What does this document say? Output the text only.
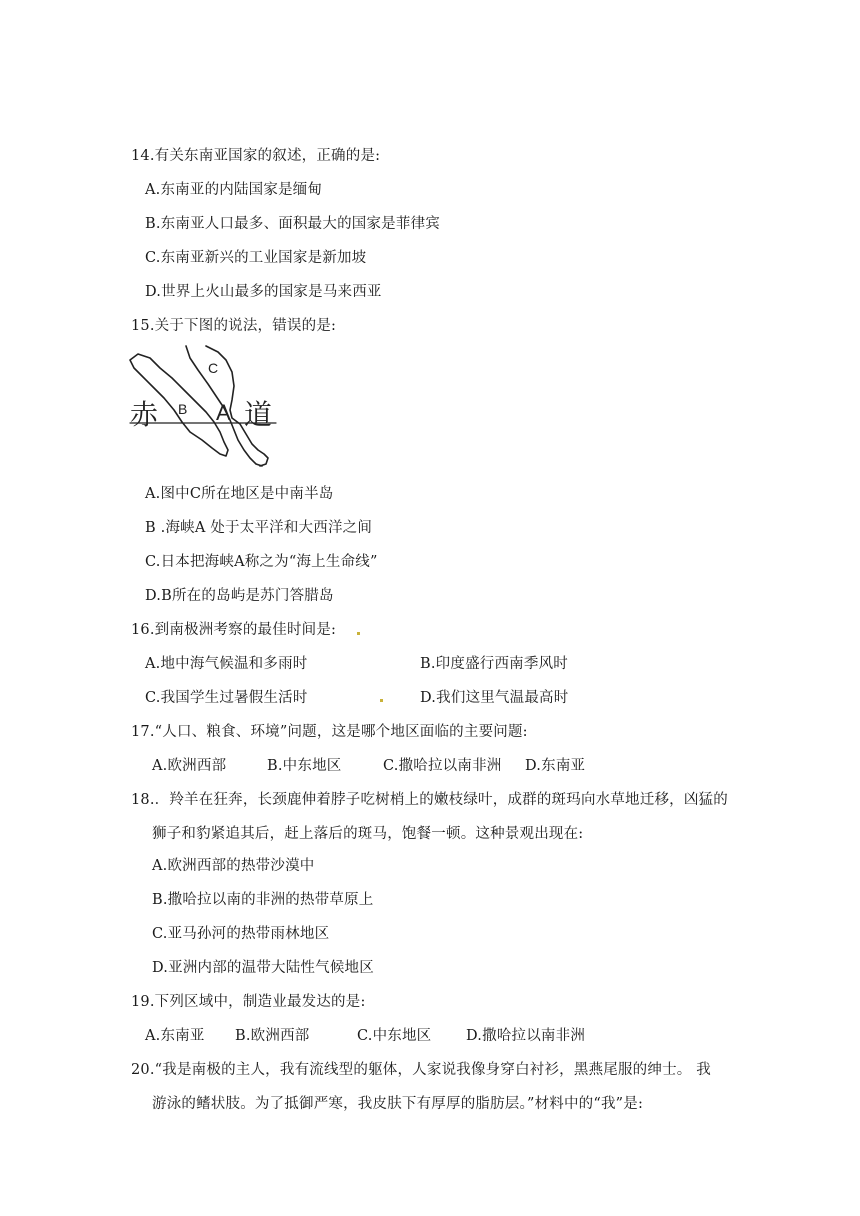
14.有关东南亚国家的叙述，正确的是:
A.东南亚的内陆国家是缅甸
B.东南亚人口最多、面积最大的国家是菲律宾
C.东南亚新兴的工业国家是新加坡
D.世界上火山最多的国家是马来西亚
15.关于下图的说法，错误的是:
C
B A
赤	道
A.图中C所在地区是中南半岛
B .海峡A 处于太平洋和大西洋之间
C.日本把海峡A称之为“海上生命线”
D.B所在的岛屿是苏门答腊岛
16.到南极洲考察的最佳时间是:
A.地中海气候温和多雨时	B.印度盛行西南季风时
C.我国学生过暑假生活时	D.我们这里气温最高时
17.“人口、粮食、环境”问题，这是哪个地区面临的主要问题:
A.欧洲西部	B.中东地区	C.撒哈拉以南非洲 D.东南亚
18.．羚羊在狂奔，长颈鹿伸着脖子吃树梢上的嫩枝绿叶，成群的斑玛向水草地迁移，凶猛的
狮子和豹紧追其后，赶上落后的斑马，饱餐一顿。这种景观出现在:
A.欧洲西部的热带沙漠中
B.撒哈拉以南的非洲的热带草原上
C.亚马孙河的热带雨林地区
D.亚洲内部的温带大陆性气候地区
19.下列区域中，制造业最发达的是:
A.东南亚 B.欧洲西部	C.中东地区 D.撒哈拉以南非洲
20.“我是南极的主人，我有流线型的躯体，人家说我像身穿白衬衫，黑燕尾服的绅士。 我
游泳的鳍状肢。为了抵御严寒，我皮肤下有厚厚的脂肪层。”材料中的“我”是:
